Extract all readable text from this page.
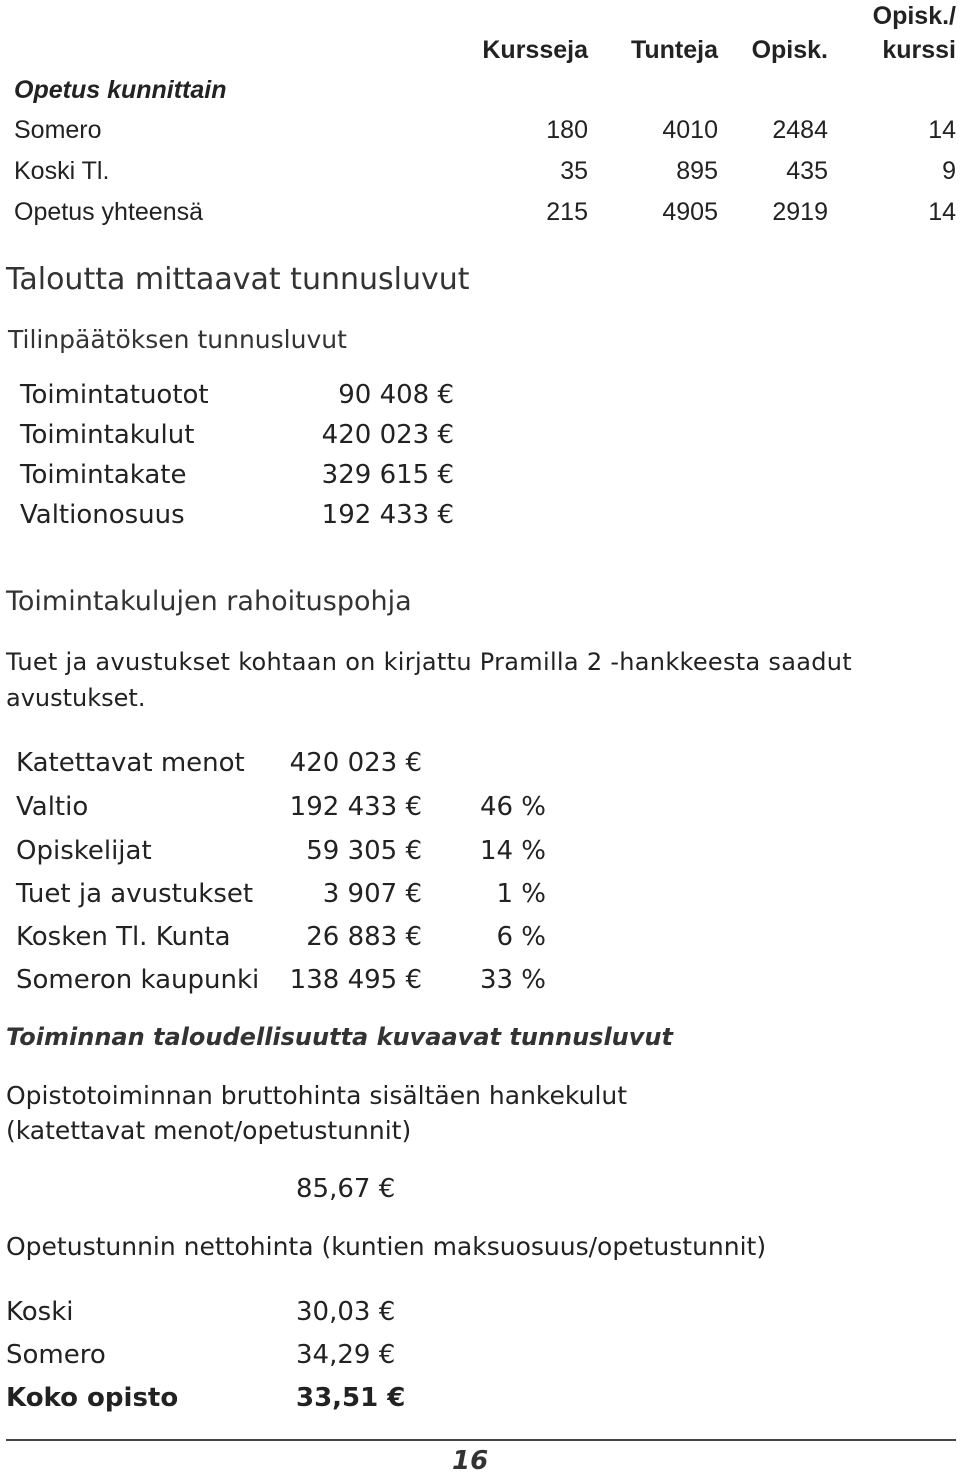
Opisk./
Kursseja	Tunteja	Opisk.	kurssi
Opetus kunnittain
Somero	180	4010	2484	14
Koski Tl.	35	895	435	9
Opetus yhteensä	215	4905	2919	14
Taloutta mittaavat tunnusluvut
Tilinpäätöksen tunnusluvut
Toimintatuotot	90 408 €
Toimintakulut	420 023 €
Toimintakate	329 615 €
Valtionosuus	192 433 €
Toimintakulujen rahoituspohja
Tuet ja avustukset kohtaan on kirjattu Pramilla 2 -hankkeesta saadut
avustukset.
Katettavat menot	420 023 €
Valtio	192 433 €	46 %
Opiskelijat	59 305 €	14 %
Tuet ja avustukset	3 907 €	1 %
Kosken Tl. Kunta	26 883 €	6 %
Someron kaupunki	138 495 €	33 %
Toiminnan taloudellisuutta kuvaavat tunnusluvut
Opistotoiminnan bruttohinta sisältäen hankekulut
(katettavat menot/opetustunnit)
85,67 €
Opetustunnin nettohinta (kuntien maksuosuus/opetustunnit)
Koski	30,03 €
Somero	34,29 €
Koko opisto	33,51 €
16
